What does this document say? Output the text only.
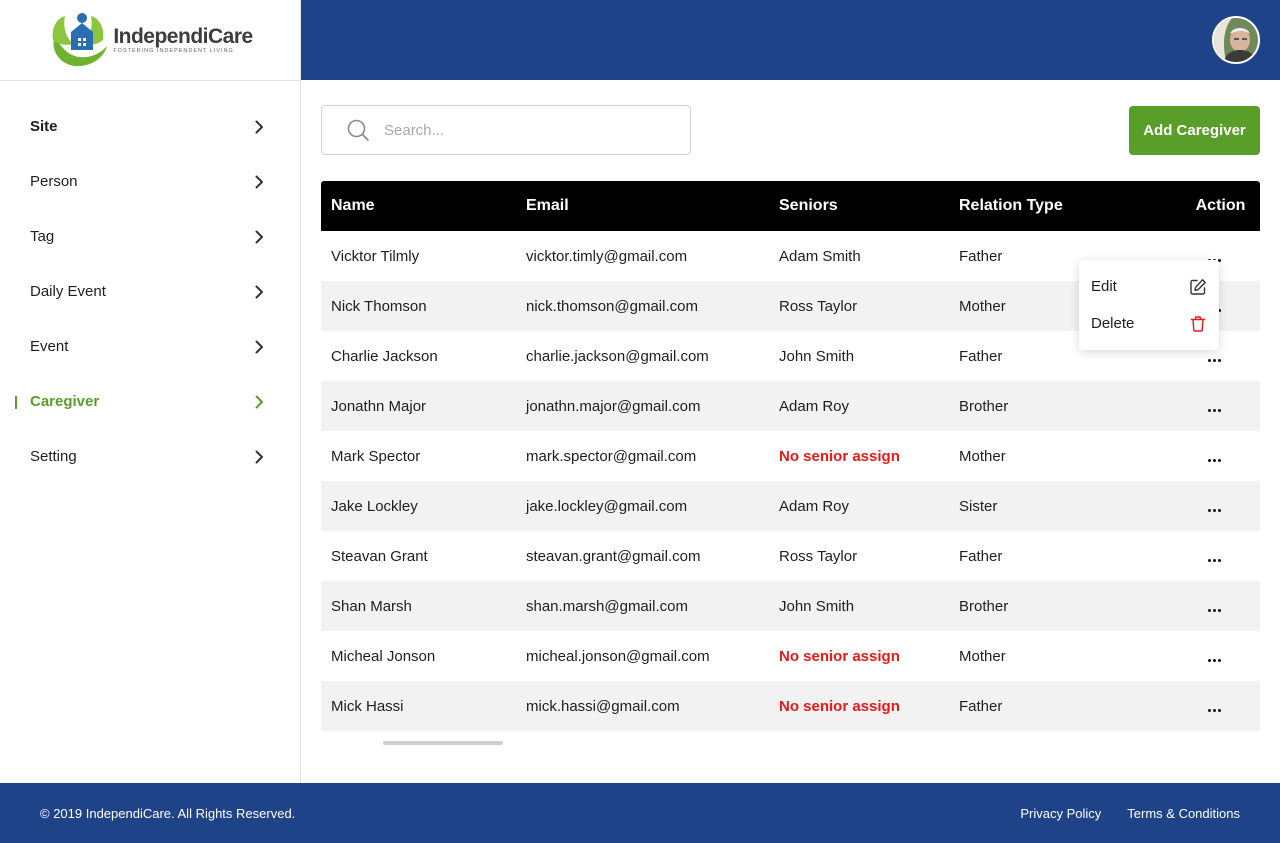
IndependiCare
FOSTERING INDEPENDENT LIVING
Site
Person
Tag
Daily Event
Event
Caregiver
Setting
Search...
Add Caregiver
Name	Email	Seniors	Relation Type	Action
Vicktor Tilmly	vicktor.timly@gmail.com	Adam Smith	Father
Nick Thomson	nick.thomson@gmail.com	Ross Taylor	Mother
Charlie Jackson	charlie.jackson@gmail.com	John Smith	Father
Jonathn Major	jonathn.major@gmail.com	Adam Roy	Brother
Mark Spector	mark.spector@gmail.com	No senior assign	Mother
Jake Lockley	jake.lockley@gmail.com	Adam Roy	Sister
Steavan Grant	steavan.grant@gmail.com	Ross Taylor	Father
Shan Marsh	shan.marsh@gmail.com	John Smith	Brother
Micheal Jonson	micheal.jonson@gmail.com	No senior assign	Mother
Mick Hassi	mick.hassi@gmail.com	No senior assign	Father
Edit
Delete
© 2019 IndependiCare. All Rights Reserved.	Privacy Policy Terms & Conditions
